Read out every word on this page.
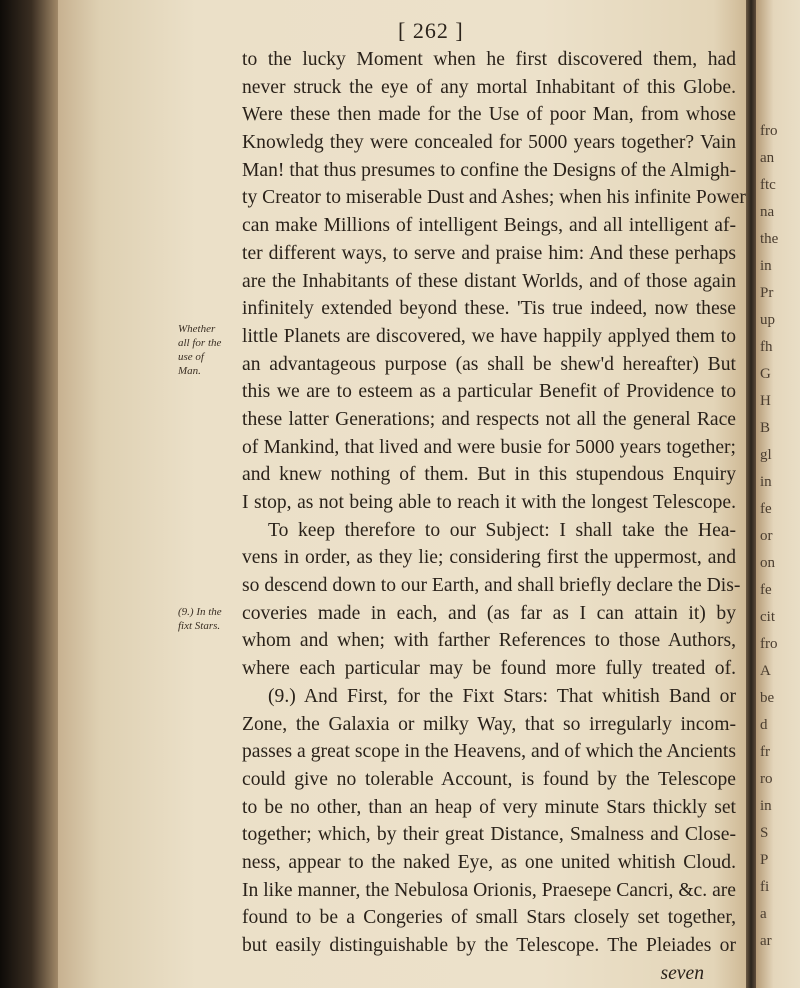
[ 262 ]
Whether
all for the
use of
Man.
(9.) In the
fixt Stars.
to the lucky Moment when he first discovered them, had
never struck the eye of any mortal Inhabitant of this Globe.
Were these then made for the Use of poor Man, from whose
Knowledg they were concealed for 5000 years together? Vain
Man! that thus presumes to confine the Designs of the Almigh-
ty Creator to miserable Dust and Ashes; when his infinite Power
can make Millions of intelligent Beings, and all intelligent af-
ter different ways, to serve and praise him: And these perhaps
are the Inhabitants of these distant Worlds, and of those again
infinitely extended beyond these. 'Tis true indeed, now these
little Planets are discovered, we have happily applyed them to
an advantageous purpose (as shall be shew'd hereafter) But
this we are to esteem as a particular Benefit of Providence to
these latter Generations; and respects not all the general Race
of Mankind, that lived and were busie for 5000 years together;
and knew nothing of them. But in this stupendous Enquiry
I stop, as not being able to reach it with the longest Telescope.
To keep therefore to our Subject: I shall take the Hea-
vens in order, as they lie; considering first the uppermost, and
so descend down to our Earth, and shall briefly declare the Dis-
coveries made in each, and (as far as I can attain it) by
whom and when; with farther References to those Authors,
where each particular may be found more fully treated of.
(9.) And First, for the Fixt Stars: That whitish Band or
Zone, the Galaxia or milky Way, that so irregularly incom-
passes a great scope in the Heavens, and of which the Ancients
could give no tolerable Account, is found by the Telescope
to be no other, than an heap of very minute Stars thickly set
together; which, by their great Distance, Smalness and Close-
ness, appear to the naked Eye, as one united whitish Cloud.
In like manner, the Nebulosa Orionis, Praesepe Cancri, &c. are
found to be a Congeries of small Stars closely set together,
but easily distinguishable by the Telescope. The Pleiades or
seven
fro
an
ftc
na
the
in
Pr
up
fh
G
H
B
gl
in
fe
or
on
fe
cit
fro
A
be
d
fr
ro
in
S
P
fi
a
ar
